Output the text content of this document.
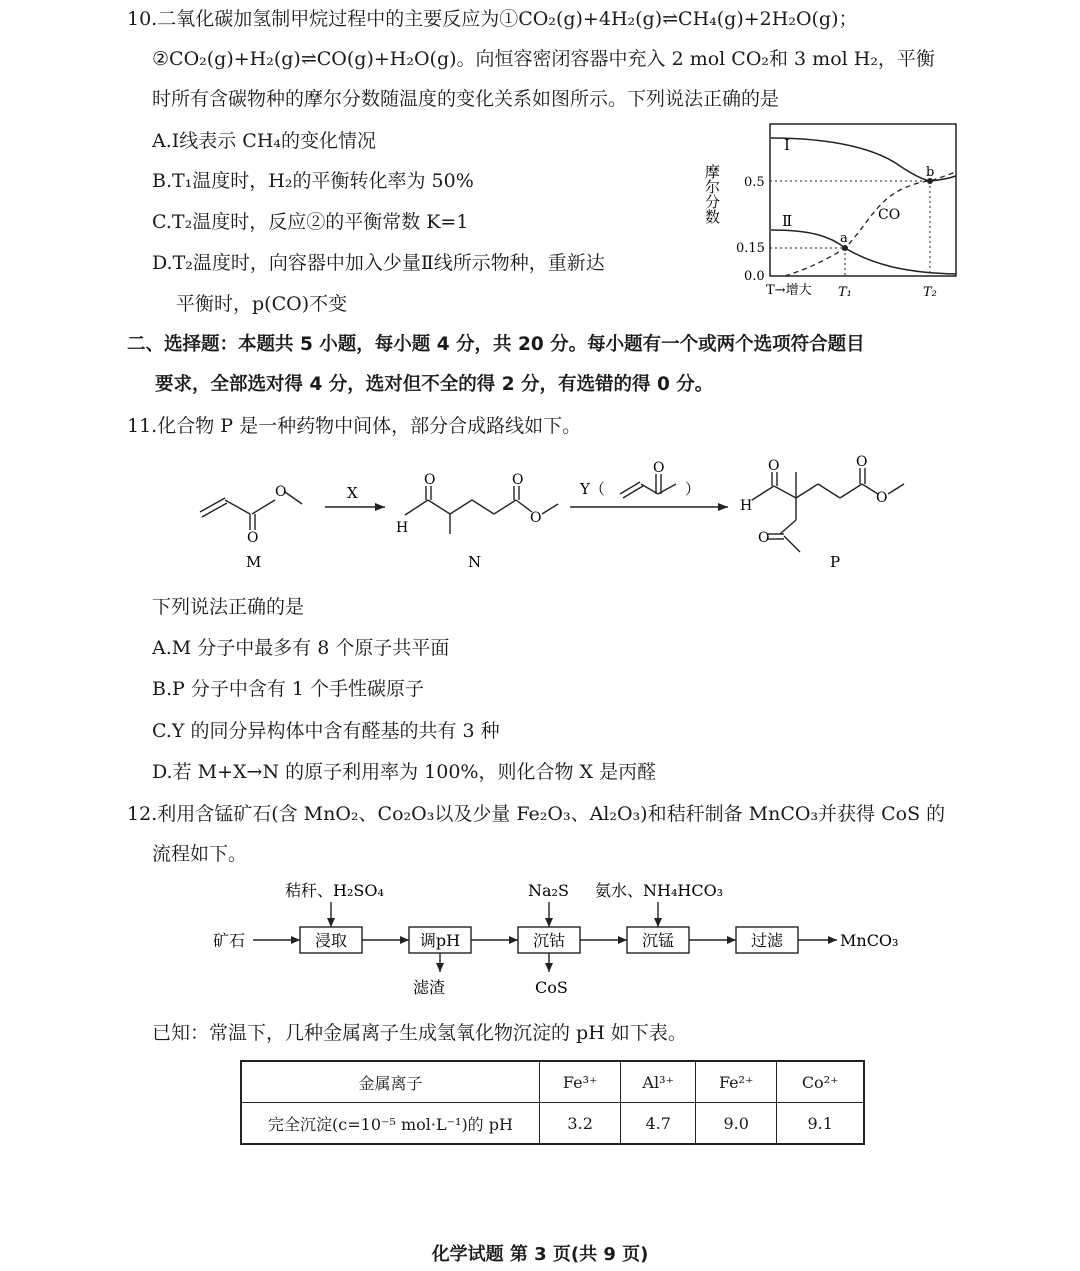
10.二氧化碳加氢制甲烷过程中的主要反应为①CO₂(g)+4H₂(g)⇌CH₄(g)+2H₂O(g)；
②CO₂(g)+H₂(g)⇌CO(g)+H₂O(g)。向恒容密闭容器中充入 2 mol CO₂和 3 mol H₂，平衡
时所有含碳物种的摩尔分数随温度的变化关系如图所示。下列说法正确的是
A.Ⅰ线表示 CH₄的变化情况
B.T₁温度时，H₂的平衡转化率为 50%
C.T₂温度时，反应②的平衡常数 K=1
D.T₂温度时，向容器中加入少量Ⅱ线所示物种，重新达
平衡时，p(CO)不变
摩尔分数
Ⅰ
Ⅱ	CO
a
b
0.5
0.15
0.0
T→增大 T₁	T₂
二、选择题：本题共 5 小题，每小题 4 分，共 20 分。每小题有一个或两个选项符合题目
要求，全部选对得 4 分，选对但不全的得 2 分，有选错的得 0 分。
11.化合物 P 是一种药物中间体，部分合成路线如下。
O
O
M
X
O
H
O
O
N
Y（
O
）
O
H
O
O
O
P
下列说法正确的是
A.M 分子中最多有 8 个原子共平面
B.P 分子中含有 1 个手性碳原子
C.Y 的同分异构体中含有醛基的共有 3 种
D.若 M+X→N 的原子利用率为 100%，则化合物 X 是丙醛
12.利用含锰矿石(含 MnO₂、Co₂O₃以及少量 Fe₂O₃、Al₂O₃)和秸秆制备 MnCO₃并获得 CoS 的
流程如下。
矿石
秸秆、H₂SO₄	Na₂S 氨水、NH₄HCO₃
滤渣	CoS
MnCO₃
浸取	调pH	沉钴	沉锰	过滤
已知：常温下，几种金属离子生成氢氧化物沉淀的 pH 如下表。
金属离子	Fe³⁺	Al³⁺	Fe²⁺	Co²⁺
完全沉淀(c=10⁻⁵ mol·L⁻¹)的 pH	3.2	4.7	9.0	9.1
化学试题 第 3 页(共 9 页)
